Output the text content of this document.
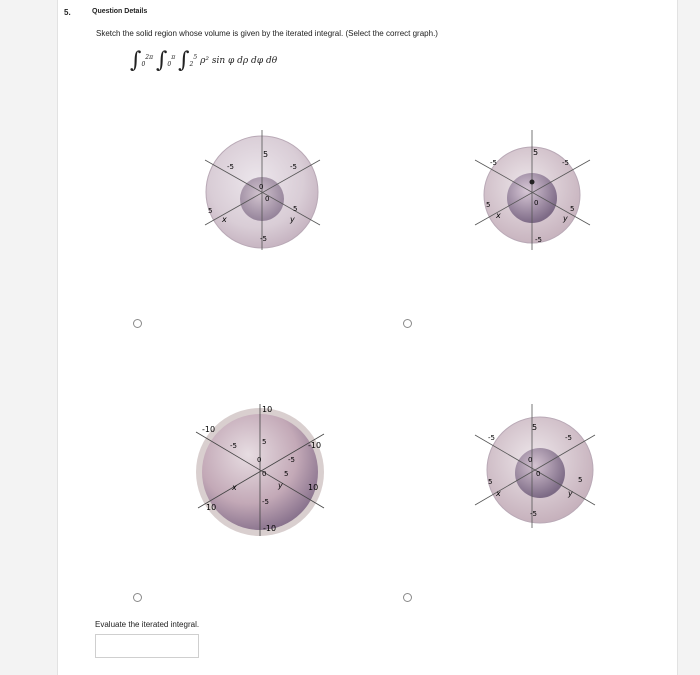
5.	Question Details
Sketch the solid region whose volume is given by the iterated integral. (Select the correct graph.)
$\int_0^{2\pi}$ $\int_0^\pi$ $\int_2^5$ ρ² sin φ dρ dφ dθ
5
-5	-5
0
0
5
x
5
y
-5
5
-5	-5
0
5
x
5
y
-5
10
5
-10
-5	-10
-5
0
0
x
5
y	10
-5
10
-10
5
-5	-5
0
0
5
x
5
y
-5
Evaluate the iterated integral.
